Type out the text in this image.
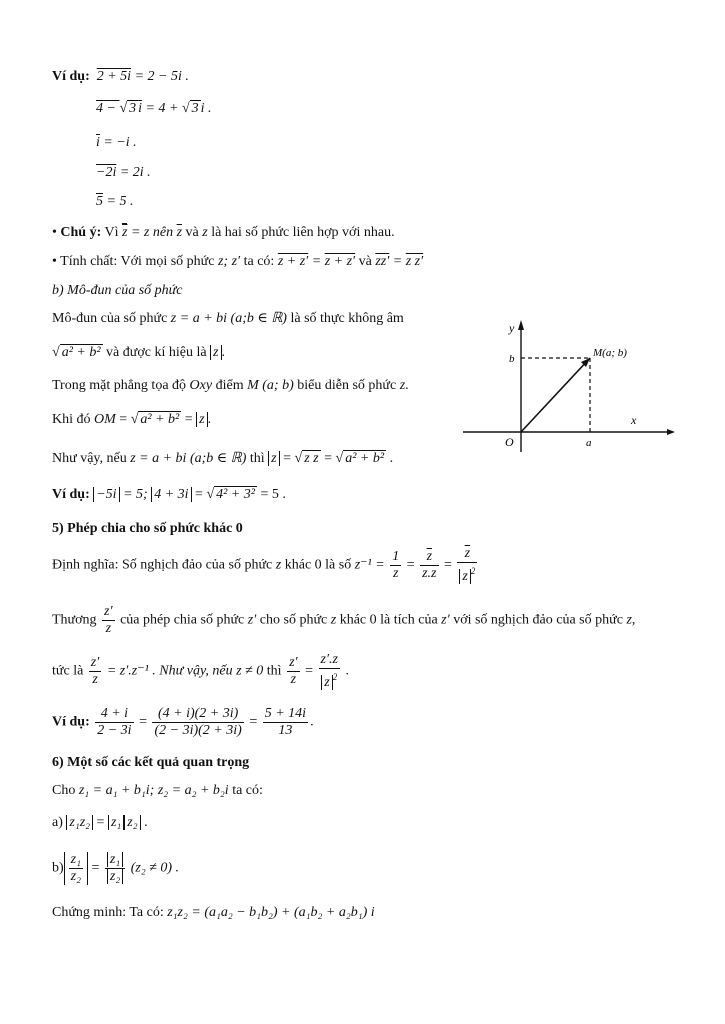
Ví dụ: 2 + 5i = 2 − 5i .
4 − √ 3 i = 4 + √ 3 i .
$\overline{i} = -i$ .
−2i = 2i .
5 = 5 .
• Chú ý: Vì $\overline{z} = z$ nên $\overline{z}$ và z là hai số phức liên hợp với nhau.
• Tính chất: Với mọi số phức z; z′ ta có: z + z′ = z + z′ và zz′ = z z′
b) Mô-đun của số phức
Mô-đun của số phức z = a + bi (a;b ∈ ℝ) là số thực không âm
√ a² + b² và được kí hiệu là z .
Trong mặt phẳng tọa độ Oxy điểm M (a; b) biểu diễn số phức z.
Khi đó OM = √ a² + b² = z .
Như vậy, nếu z = a + bi (a;b ∈ ℝ) thì z = √ z z = √ a² + b² .
Ví dụ: −5i = 5; 4 + 3i = √ 4² + 3² = 5 .
y
x
O	a
b	M(a; b)
5) Phép chia cho số phức khác 0
Định nghĩa: Số nghịch đảo của số phức z khác 0 là số $z^{-1} = \frac{1}{z} = \frac{\overline{z}}{z.z} = \frac{\overline{z}}{z ^2}$
Thương $\frac{z'}{z}$ của phép chia số phức z′ cho số phức z khác 0 là tích của z′ với số nghịch đảo của số phức z,
tức là $\frac{z'}{z} = z'.z^{-1}$ . Như vậy, nếu z ≠ 0 thì $\frac{z'}{z} = \frac{z'.z}{z ^2}$ .
Ví dụ: $\frac{4 + i}{2 - 3i} = \frac{(4 + i)(2 + 3i)}{(2 - 3i)(2 + 3i)} = \frac{5 + 14i}{13}$ .
6) Một số các kết quả quan trọng
Cho z₁ = a₁ + b₁i; z₂ = a₂ + b₂i ta có:
a) z₁z₂ = z₁ z₂ .
$b) \frac{\text{z₁}}{\text{z₂}} = \frac{\text{z₁}}{\text{z₂}} (z_2 \ne 0)$ .
Chứng minh: Ta có: z₁z₂ = (a₁a₂ − b₁b₂) + (a₁b₂ + a₂b₁) i
